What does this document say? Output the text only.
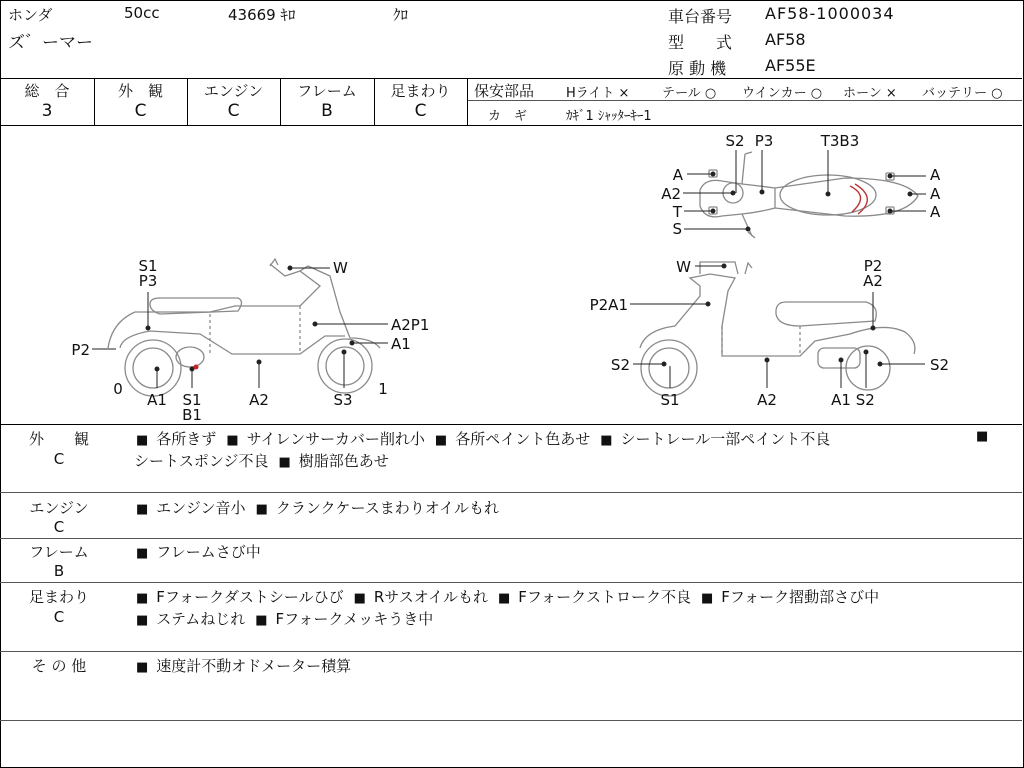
ホンダ	50cc	43669 ｷﾛ	ｸﾛ
ズ゛ーマー
車台番号 AF58-1000034
型　　式 AF58
原 動 機 AF55E
総　合	外　観	エンジン	フレーム	足まわり
3	C	C	B	C
保安部品 Hライト ×	テール ○ ウインカー ○ ホーン × バッテリー ○
カ　ギ	ｶｷﾞ1 ｼｬｯﾀｰｷｰ1
S2 P3	T3B3
A
A2
T
S
A
A
A
S1
P3
W
A2P1
A1
P2
0	1
A1 S1
B1
A2	S3
W	P2
A2
P2A1
S2	S2
S1	A2	A1 S2
外　　観
C
■ 各所きず ■ サイレンサーカバー削れ小 ■ 各所ペイント色あせ ■ シートレール一部ペイント不良	■
シートスポンジ不良 ■ 樹脂部色あせ
エンジン
C
■ エンジン音小 ■ クランクケースまわりオイルもれ
フレーム
B
■ フレームさび中
足まわり
C
■ Fフォークダストシールひび ■ Rサスオイルもれ ■ Fフォークストローク不良 ■ Fフォーク摺動部さび中
■ ステムねじれ ■ Fフォークメッキうき中
そ の 他	■ 速度計不動オドメーター積算
